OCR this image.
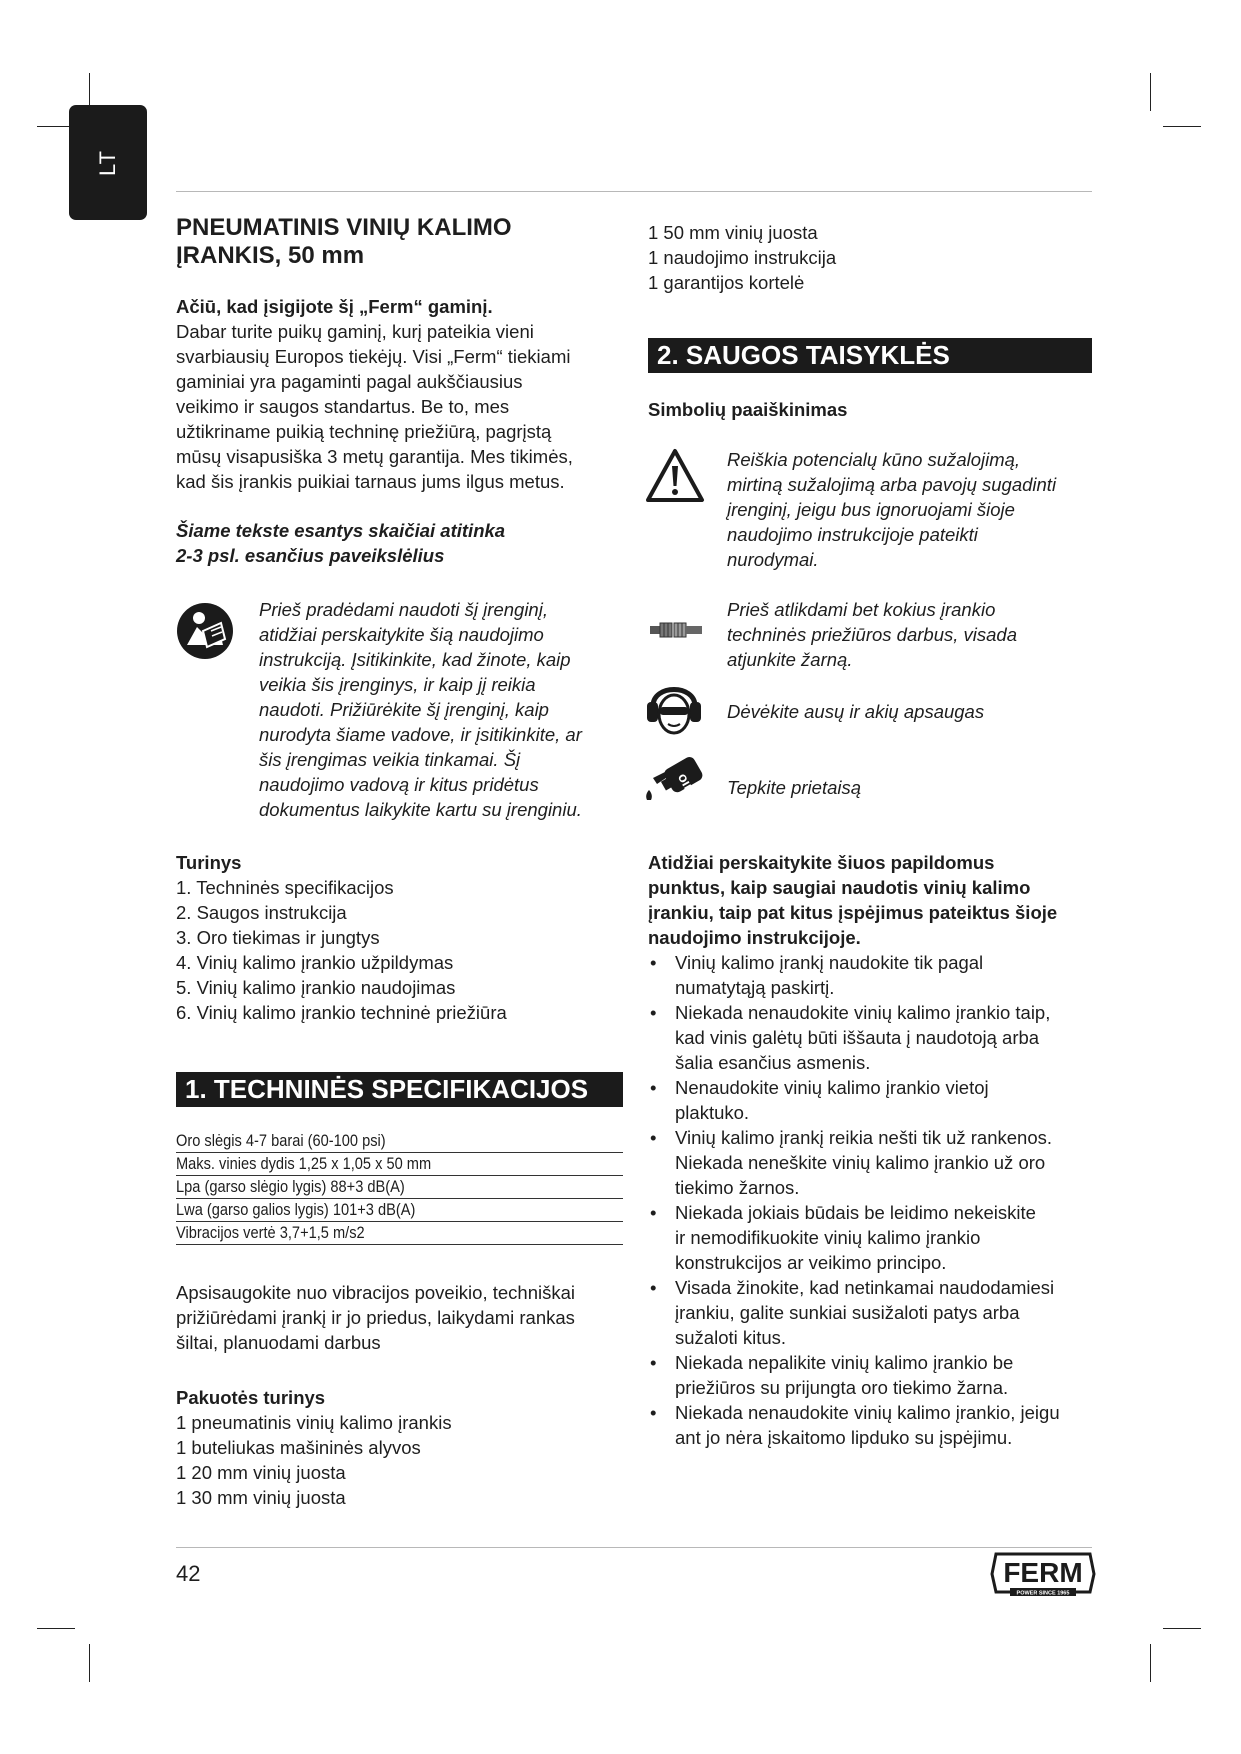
LT
PNEUMATINIS VINIŲ KALIMO
ĮRANKIS, 50 mm

Ačiū, kad įsigijote šį „Ferm“ gaminį.

Dabar turite puikų gaminį, kurį pateikia vieni

svarbiausių Europos tiekėjų. Visi „Ferm“ tiekiami

gaminiai yra pagaminti pagal aukščiausius

veikimo ir saugos standartus. Be to, mes

užtikriname puikią techninę priežiūrą, pagrįstą

mūsų visapusiška 3 metų garantija. Mes tikimės,

kad šis įrankis puikiai tarnaus jums ilgus metus.

Šiame tekste esantys skaičiai atitinka

2-3 psl. esančius paveikslėlius

Prieš pradėdami naudoti šį įrenginį,

atidžiai perskaitykite šią naudojimo

instrukciją. Įsitikinkite, kad žinote, kaip

veikia šis įrenginys, ir kaip jį reikia

naudoti. Prižiūrėkite šį įrenginį, kaip

nurodyta šiame vadove, ir įsitikinkite, ar

šis įrengimas veikia tinkamai. Šį

naudojimo vadovą ir kitus pridėtus

dokumentus laikykite kartu su įrenginiu.

Turinys

1. Techninės specifikacijos
2. Saugos instrukcija
3. Oro tiekimas ir jungtys
4. Vinių kalimo įrankio užpildymas
5. Vinių kalimo įrankio naudojimas
6. Vinių kalimo įrankio techninė priežiūra
1. TECHNINĖS SPECIFIKACIJOS
Oro slėgis 4-7 barai (60-100 psi)
Maks. vinies dydis 1,25 x 1,05 x 50 mm
Lpa (garso slėgio lygis) 88+3 dB(A)
Lwa (garso galios lygis) 101+3 dB(A)
Vibracijos vertė 3,7+1,5 m/s2

Apsisaugokite nuo vibracijos poveikio, techniškai

prižiūrėdami įrankį ir jo priedus, laikydami rankas

šiltai, planuodami darbus

Pakuotės turinys

1 pneumatinis vinių kalimo įrankis

1 buteliukas mašininės alyvos

1 20 mm vinių juosta

1 30 mm vinių juosta

1 50 mm vinių juosta

1 naudojimo instrukcija

1 garantijos kortelė

2. SAUGOS TAISYKLĖS
Simbolių paaiškinimas

Reiškia potencialų kūno sužalojimą,

mirtiną sužalojimą arba pavojų sugadinti

įrenginį, jeigu bus ignoruojami šioje

naudojimo instrukcijoje pateikti

nurodymai.

Prieš atlikdami bet kokius įrankio

techninės priežiūros darbus, visada

atjunkite žarną.

Dėvėkite ausų ir akių apsaugas
OIL Tepkite prietaisą

Atidžiai perskaitykite šiuos papildomus

punktus, kaip saugiai naudotis vinių kalimo

įrankiu, taip pat kitus įspėjimus pateiktus šioje

naudojimo instrukcijoje.

• Vinių kalimo įrankį naudokite tik pagal
numatytąją paskirtį.
• Niekada nenaudokite vinių kalimo įrankio taip,
kad vinis galėtų būti iššauta į naudotoją arba
šalia esančius asmenis.
• Nenaudokite vinių kalimo įrankio vietoj
plaktuko.
• Vinių kalimo įrankį reikia nešti tik už rankenos.
Niekada neneškite vinių kalimo įrankio už oro
tiekimo žarnos.
• Niekada jokiais būdais be leidimo nekeiskite
ir nemodifikuokite vinių kalimo įrankio
konstrukcijos ar veikimo principo.
• Visada žinokite, kad netinkamai naudodamiesi
įrankiu, galite sunkiai susižaloti patys arba
sužaloti kitus.
• Niekada nepalikite vinių kalimo įrankio be
priežiūros su prijungta oro tiekimo žarna.
• Niekada nenaudokite vinių kalimo įrankio, jeigu
ant jo nėra įskaitomo lipduko su įspėjimu.
42	FERM
POWER SINCE 1965
